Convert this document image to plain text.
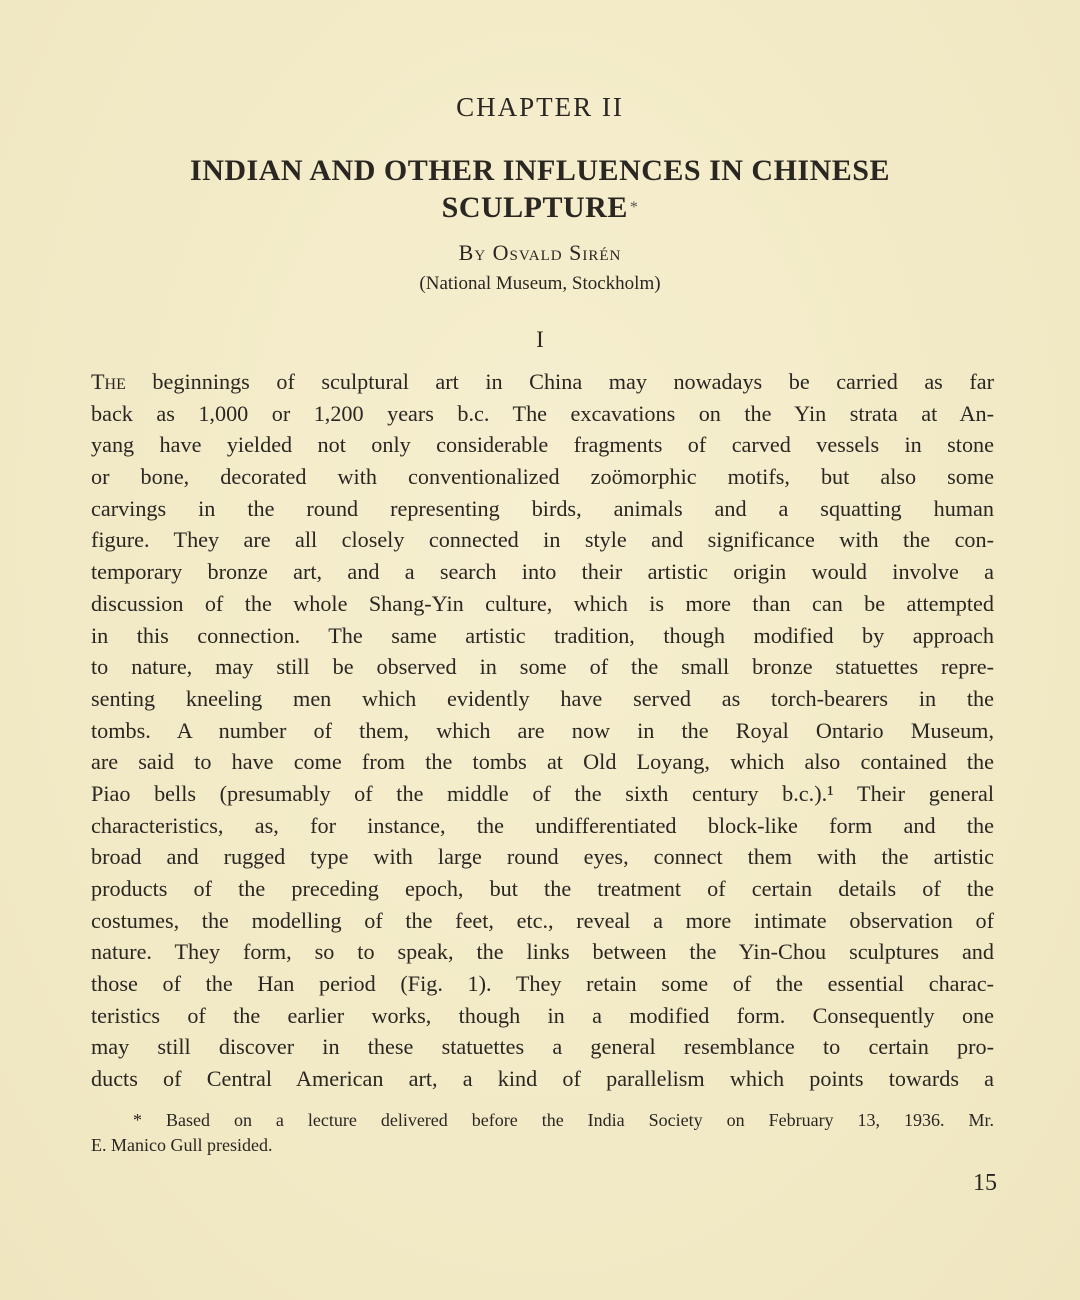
CHAPTER II
INDIAN AND OTHER INFLUENCES IN CHINESE
SCULPTURE *
By Osvald Sirén
(National Museum, Stockholm)
I
The beginnings of sculptural art in China may nowadays be carried as far
back as 1,000 or 1,200 years b.c. The excavations on the Yin strata at An-
yang have yielded not only considerable fragments of carved vessels in stone
or bone, decorated with conventionalized zoömorphic motifs, but also some
carvings in the round representing birds, animals and a squatting human
figure. They are all closely connected in style and significance with the con-
temporary bronze art, and a search into their artistic origin would involve a
discussion of the whole Shang-Yin culture, which is more than can be attempted
in this connection. The same artistic tradition, though modified by approach
to nature, may still be observed in some of the small bronze statuettes repre-
senting kneeling men which evidently have served as torch-bearers in the
tombs. A number of them, which are now in the Royal Ontario Museum,
are said to have come from the tombs at Old Loyang, which also contained the
Piao bells (presumably of the middle of the sixth century b.c.).¹ Their general
characteristics, as, for instance, the undifferentiated block-like form and the
broad and rugged type with large round eyes, connect them with the artistic
products of the preceding epoch, but the treatment of certain details of the
costumes, the modelling of the feet, etc., reveal a more intimate observation of
nature. They form, so to speak, the links between the Yin-Chou sculptures and
those of the Han period (Fig. 1). They retain some of the essential charac-
teristics of the earlier works, though in a modified form. Consequently one
may still discover in these statuettes a general resemblance to certain pro-
ducts of Central American art, a kind of parallelism which points towards a
* Based on a lecture delivered before the India Society on February 13, 1936. Mr.
E. Manico Gull presided.
15
